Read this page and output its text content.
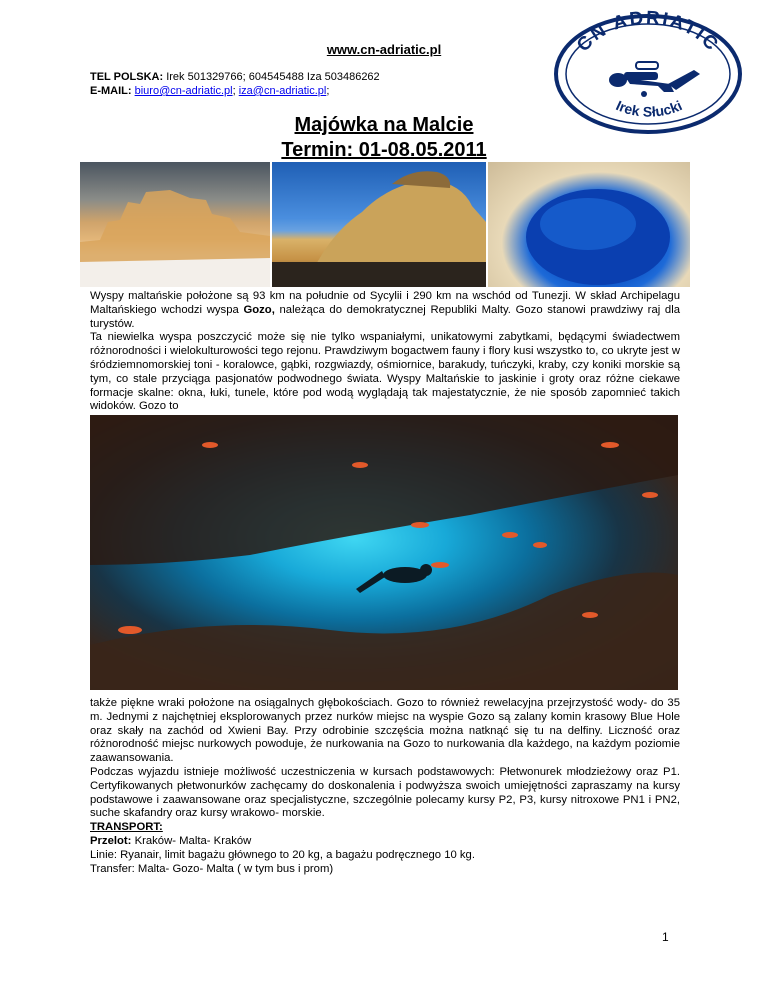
www.cn-adriatic.pl
TEL POLSKA: Irek 501329766; 604545488 Iza 503486262
E-MAIL: biuro@cn-adriatic.pl; iza@cn-adriatic.pl;
CN ADRIATIC
Irek Słucki
Majówka na Malcie
Termin: 01-08.05.2011

Wyspy maltańskie położone są 93 km na południe od Sycylii i 290 km na wschód od Tunezji. W skład Archipelagu Maltańskiego wchodzi wyspa Gozo, należąca do demokratycznej Republiki Malty. Gozo stanowi prawdziwy raj dla turystów.
Ta niewielka wyspa poszczycić może się nie tylko wspaniałymi, unikatowymi zabytkami, będącymi świadectwem różnorodności i wielokulturowości tego rejonu. Prawdziwym bogactwem fauny i flory kusi wszystko to, co ukryte jest w śródziemnomorskiej toni - koralowce, gąbki, rozgwiazdy, ośmiornice, barakudy, tuńczyki, kraby, czy koniki morskie są tym, co stale przyciąga pasjonatów podwodnego świata. Wyspy Maltańskie to jaskinie i groty oraz różne ciekawe formacje skalne: okna, łuki, tunele, które pod wodą wyglądają tak majestatycznie, że nie sposób zapomnieć takich widoków. Gozo to

także piękne wraki położone na osiągalnych głębokościach. Gozo to również rewelacyjna przejrzystość wody- do 35 m. Jednymi z najchętniej eksplorowanych przez nurków miejsc na wyspie Gozo są zalany komin krasowy Blue Hole oraz skały na zachód od Xwieni Bay. Przy odrobinie szczęścia można natknąć się tu na delfiny. Liczność oraz różnorodność miejsc nurkowych powoduje, że nurkowania na Gozo to nurkowania dla każdego, na każdym poziomie zaawansowania.
Podczas wyjazdu istnieje możliwość uczestniczenia w kursach podstawowych: Płetwonurek młodzieżowy oraz P1. Certyfikowanych płetwonurków zachęcamy do doskonalenia i podwyższa swoich umiejętności zapraszamy na kursy podstawowe i zaawansowane oraz specjalistyczne, szczególnie polecamy kursy P2, P3, kursy nitroxowe PN1 i PN2, suche skafandry oraz kursy wrakowo- morskie.
TRANSPORT:
Przelot: Kraków- Malta- Kraków
Linie: Ryanair, limit bagażu głównego to 20 kg, a bagażu podręcznego 10 kg.
Transfer: Malta- Gozo- Malta ( w tym bus i prom)

1
